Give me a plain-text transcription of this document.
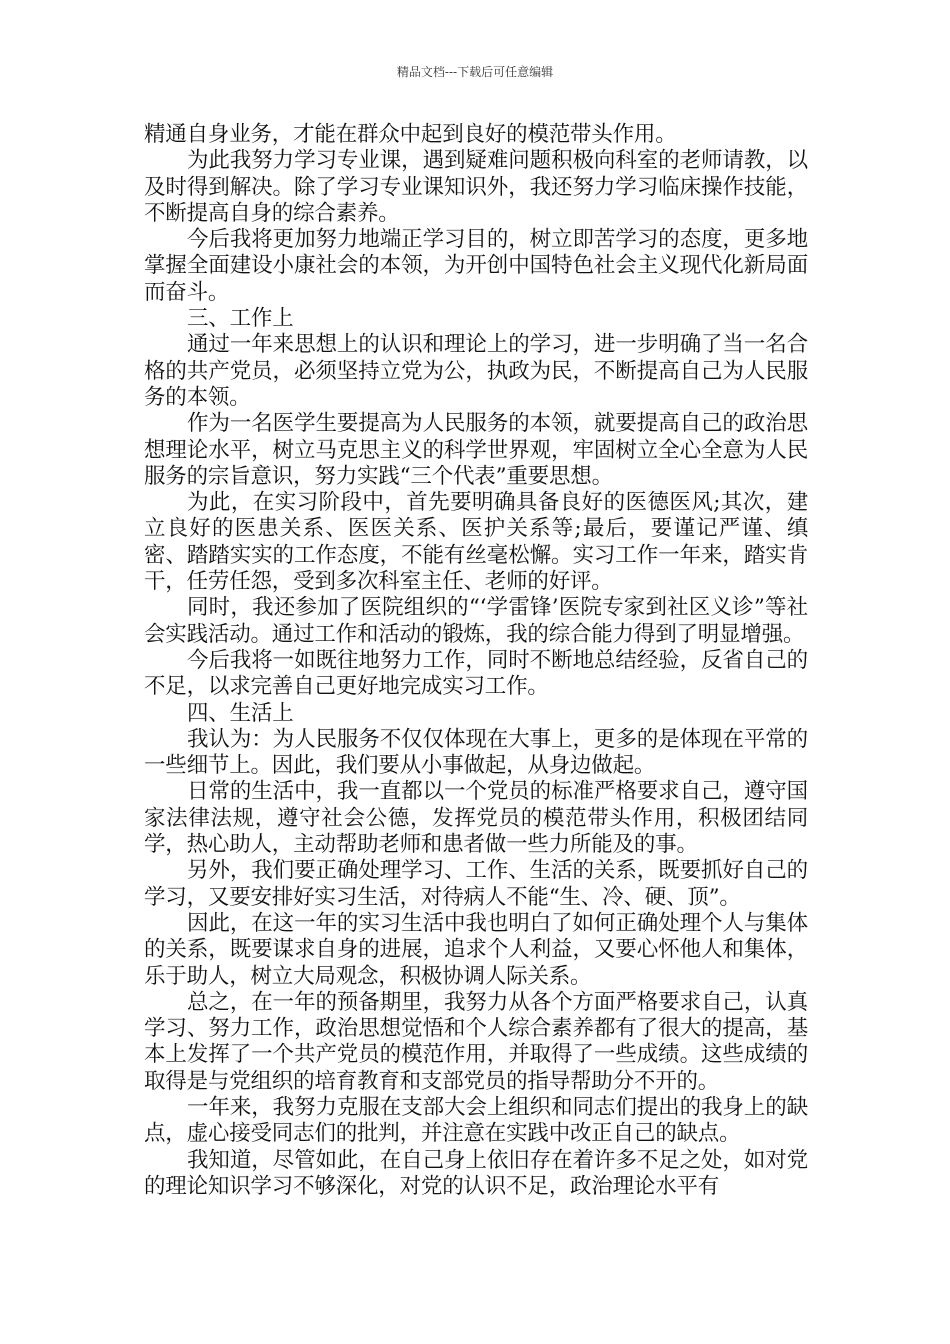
精品文档---下载后可任意编辑

精通自身业务，才能在群众中起到良好的模范带头作用。

为此我努力学习专业课，遇到疑难问题积极向科室的老师请教，以及时得到解决。除了学习专业课知识外，我还努力学习临床操作技能，不断提高自身的综合素养。

今后我将更加努力地端正学习目的，树立即苦学习的态度，更多地掌握全面建设小康社会的本领，为开创中国特色社会主义现代化新局面而奋斗。

三、工作上

通过一年来思想上的认识和理论上的学习，进一步明确了当一名合格的共产党员，必须坚持立党为公，执政为民，不断提高自己为人民服务的本领。

作为一名医学生要提高为人民服务的本领，就要提高自己的政治思想理论水平，树立马克思主义的科学世界观，牢固树立全心全意为人民服务的宗旨意识，努力实践“三个代表”重要思想。

为此，在实习阶段中，首先要明确具备良好的医德医风;其次，建立良好的医患关系、医医关系、医护关系等;最后，要谨记严谨、缜密、踏踏实实的工作态度，不能有丝毫松懈。实习工作一年来，踏实肯干，任劳任怨，受到多次科室主任、老师的好评。

同时，我还参加了医院组织的“‘学雷锋’医院专家到社区义诊”等社会实践活动。通过工作和活动的锻炼，我的综合能力得到了明显增强。

今后我将一如既往地努力工作，同时不断地总结经验，反省自己的不足，以求完善自己更好地完成实习工作。

四、生活上

我认为：为人民服务不仅仅体现在大事上，更多的是体现在平常的一些细节上。因此，我们要从小事做起，从身边做起。

日常的生活中，我一直都以一个党员的标准严格要求自己，遵守国家法律法规，遵守社会公德，发挥党员的模范带头作用，积极团结同学，热心助人，主动帮助老师和患者做一些力所能及的事。

另外，我们要正确处理学习、工作、生活的关系，既要抓好自己的学习，又要安排好实习生活，对待病人不能“生、冷、硬、顶”。

因此，在这一年的实习生活中我也明白了如何正确处理个人与集体的关系，既要谋求自身的进展，追求个人利益，又要心怀他人和集体，乐于助人，树立大局观念，积极协调人际关系。

总之，在一年的预备期里，我努力从各个方面严格要求自己，认真学习、努力工作，政治思想觉悟和个人综合素养都有了很大的提高，基本上发挥了一个共产党员的模范作用，并取得了一些成绩。这些成绩的取得是与党组织的培育教育和支部党员的指导帮助分不开的。

一年来，我努力克服在支部大会上组织和同志们提出的我身上的缺点，虚心接受同志们的批判，并注意在实践中改正自己的缺点。

我知道，尽管如此，在自己身上依旧存在着许多不足之处，如对党的理论知识学习不够深化，对党的认识不足，政治理论水平有
